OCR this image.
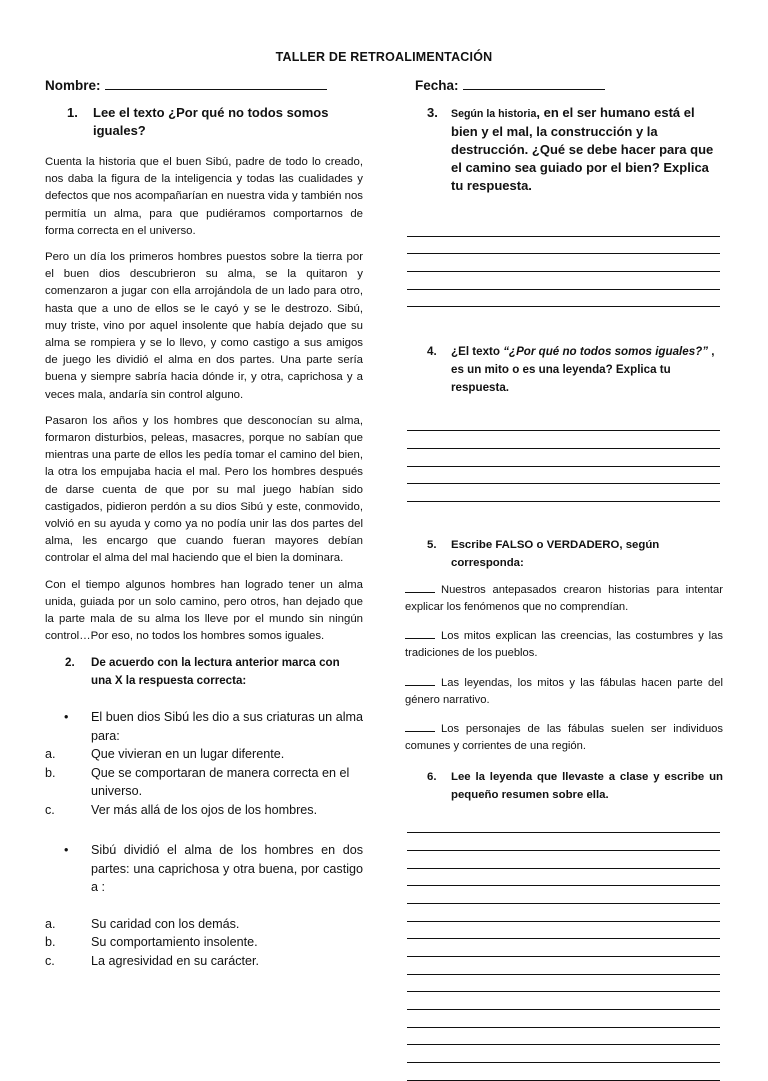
TALLER DE RETROALIMENTACIÓN
Nombre:	Fecha:
1.	Lee el texto ¿Por qué no todos somos iguales?

Cuenta la historia que el buen Sibú, padre de todo lo creado, nos daba la figura de la inteligencia y todas las cualidades y defectos que nos acompañarían en nuestra vida y también nos permitía un alma, para que pudiéramos comportarnos de forma correcta en el universo.

Pero un día los primeros hombres puestos sobre la tierra por el buen dios descubrieron su alma, se la quitaron y comenzaron a jugar con ella arrojándola de un lado para otro, hasta que a uno de ellos se le cayó y se le destrozo. Sibú, muy triste, vino por aquel insolente que había dejado que su alma se rompiera y se lo llevo, y como castigo a sus amigos de juego les dividió el alma en dos partes. Una parte sería buena y siempre sabría hacia dónde ir, y otra, caprichosa y a veces mala, andaría sin control alguno.

Pasaron los años y los hombres que desconocían su alma, formaron disturbios, peleas, masacres, porque no sabían que mientras una parte de ellos les pedía tomar el camino del bien, la otra los empujaba hacia el mal. Pero los hombres después de darse cuenta de que por su mal juego habían sido castigados, pidieron perdón a su dios Sibú y este, conmovido, volvió en su ayuda y como ya no podía unir las dos partes del alma, les encargo que cuando fueran mayores debían controlar el alma del mal haciendo que el bien la dominara.

Con el tiempo algunos hombres han logrado tener un alma unida, guiada por un solo camino, pero otros, han dejado que la parte mala de su alma los lleve por el mundo sin ningún control…Por eso, no todos los hombres somos iguales.

2.	De acuerdo con la lectura anterior marca con una X la respuesta correcta:
•	El buen dios Sibú les dio a sus criaturas un alma para:
a.	Que vivieran en un lugar diferente.
b.	Que se comportaran de manera correcta en el universo.
c.	Ver más allá de los ojos de los hombres.
•	Sibú dividió el alma de los hombres en dos partes: una caprichosa y otra buena, por castigo a :
a.	Su caridad con los demás.
b.	Su comportamiento insolente.
c.	La agresividad en su carácter.
3.	Según la historia, en el ser humano está el bien y el mal, la construcción y la destrucción. ¿Qué se debe hacer para que el camino sea guiado por el bien? Explica tu respuesta.
4.	¿El texto “¿Por qué no todos somos iguales?” , es un mito o es una leyenda? Explica tu respuesta.
5.	Escribe FALSO o VERDADERO, según corresponda:
Nuestros antepasados crearon historias para intentar explicar los fenómenos que no comprendían.
Los mitos explican las creencias, las costumbres y las tradiciones de los pueblos.
Las leyendas, los mitos y las fábulas hacen parte del género narrativo.
Los personajes de las fábulas suelen ser individuos comunes y corrientes de una región.
6.	Lee la leyenda que llevaste a clase y escribe un pequeño resumen sobre ella.
